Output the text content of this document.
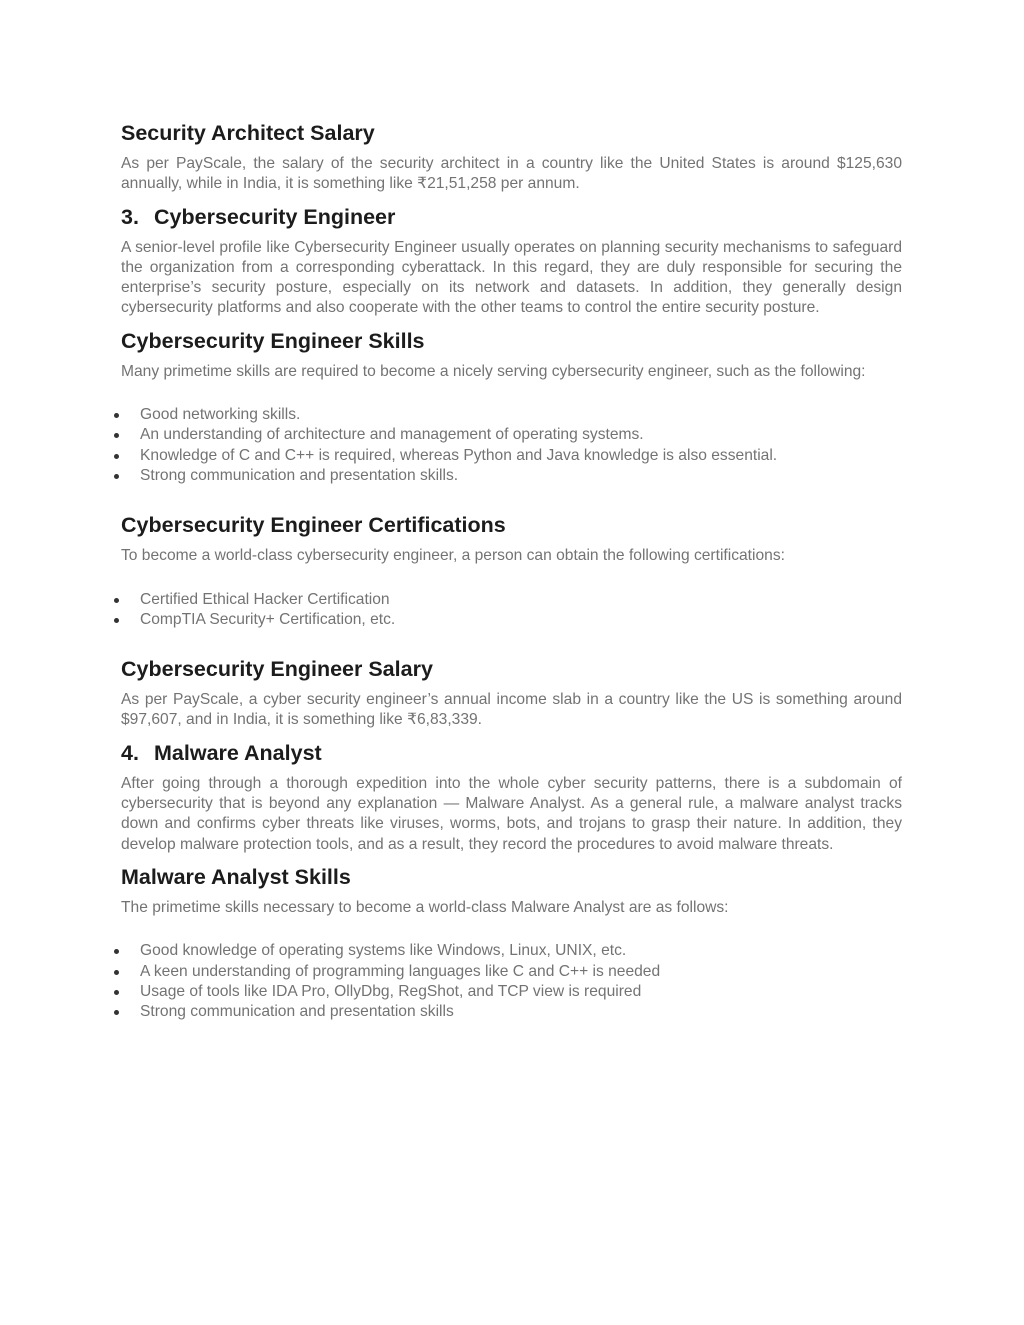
Security Architect Salary

As per PayScale, the salary of the security architect in a country like the United States is around $125,630 annually, while in India, it is something like ₹21,51,258 per annum.

3. Cybersecurity Engineer

A senior-level profile like Cybersecurity Engineer usually operates on planning security mechanisms to safeguard the organization from a corresponding cyberattack. In this regard, they are duly responsible for securing the enterprise’s security posture, especially on its network and datasets. In addition, they generally design cybersecurity platforms and also cooperate with the other teams to control the entire security posture.

Cybersecurity Engineer Skills

Many primetime skills are required to become a nicely serving cybersecurity engineer, such as the following:

Good networking skills.
An understanding of architecture and management of operating systems.
Knowledge of C and C++ is required, whereas Python and Java knowledge is also essential.
Strong communication and presentation skills.
Cybersecurity Engineer Certifications

To become a world-class cybersecurity engineer, a person can obtain the following certifications:

Certified Ethical Hacker Certification
CompTIA Security+ Certification, etc.
Cybersecurity Engineer Salary

As per PayScale, a cyber security engineer’s annual income slab in a country like the US is something around $97,607, and in India, it is something like ₹6,83,339.

4. Malware Analyst

After going through a thorough expedition into the whole cyber security patterns, there is a subdomain of cybersecurity that is beyond any explanation — Malware Analyst. As a general rule, a malware analyst tracks down and confirms cyber threats like viruses, worms, bots, and trojans to grasp their nature. In addition, they develop malware protection tools, and as a result, they record the procedures to avoid malware threats.

Malware Analyst Skills

The primetime skills necessary to become a world-class Malware Analyst are as follows:

Good knowledge of operating systems like Windows, Linux, UNIX, etc.
A keen understanding of programming languages like C and C++ is needed
Usage of tools like IDA Pro, OllyDbg, RegShot, and TCP view is required
Strong communication and presentation skills
